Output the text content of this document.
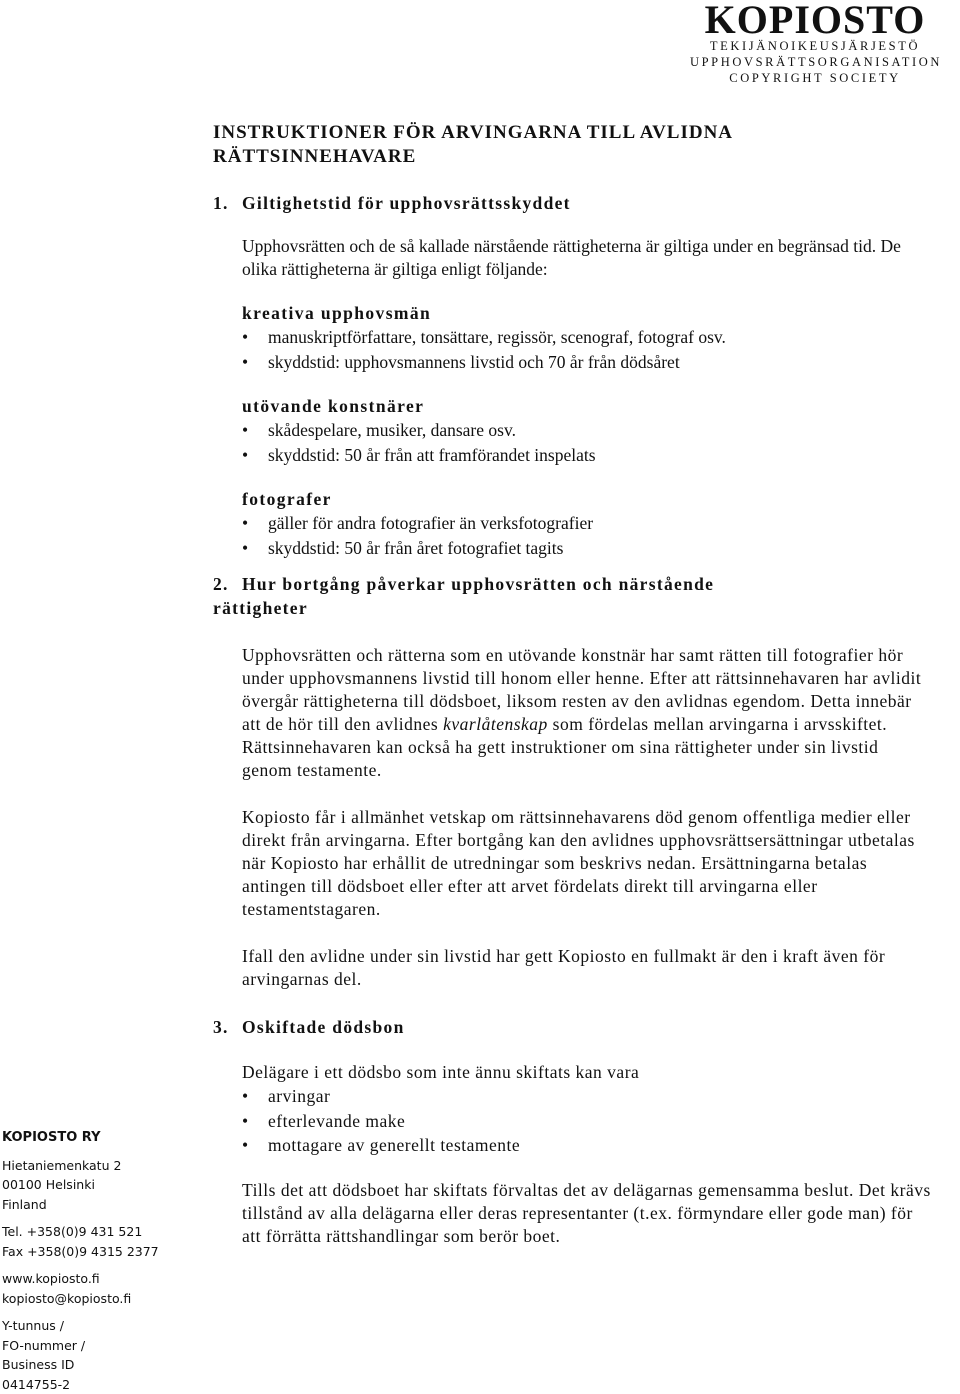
KOPIOSTO
TEKIJÄNOIKEUSJÄRJESTÖ
UPPHOVSRÄTTSORGANISATION
COPYRIGHT SOCIETY
INSTRUKTIONER FÖR ARVINGARNA TILL AVLIDNA
RÄTTSINNEHAVARE
1. Giltighetstid för upphovsrättsskyddet

Upphovsrätten och de så kallade närstående rättigheterna är giltiga under en begränsad tid. De olika rättigheterna är giltiga enligt följande:

kreativa upphovsmän
• manuskriptförfattare, tonsättare, regissör, scenograf, fotograf osv.
• skyddstid: upphovsmannens livstid och 70 år från dödsåret
utövande konstnärer
• skådespelare, musiker, dansare osv.
• skyddstid: 50 år från att framförandet inspelats
fotografer
• gäller för andra fotografier än verksfotografier
• skyddstid: 50 år från året fotografiet tagits
2. Hur bortgång påverkar upphovsrätten och närstående
rättigheter

Upphovsrätten och rätterna som en utövande konstnär har samt rätten till fotografier hör under upphovsmannens livstid till honom eller henne. Efter att rättsinnehavaren har avlidit övergår rättigheterna till dödsboet, liksom resten av den avlidnas egendom. Detta innebär att de hör till den avlidnes kvarlåtenskap som fördelas mellan arvingarna i arvsskiftet. Rättsinnehavaren kan också ha gett instruktioner om sina rättigheter under sin livstid genom testamente.

Kopiosto får i allmänhet vetskap om rättsinnehavarens död genom offentliga medier eller direkt från arvingarna. Efter bortgång kan den avlidnes upphovsrättsersättningar utbetalas när Kopiosto har erhållit de utredningar som beskrivs nedan. Ersättningarna betalas antingen till dödsboet eller efter att arvet fördelats direkt till arvingarna eller testamentstagaren.

Ifall den avlidne under sin livstid har gett Kopiosto en fullmakt är den i kraft även för arvingarnas del.

3. Oskiftade dödsbon

Delägare i ett dödsbo som inte ännu skiftats kan vara

• arvingar
• efterlevande make
• mottagare av generellt testamente

Tills det att dödsboet har skiftats förvaltas det av delägarnas gemensamma beslut. Det krävs tillstånd av alla delägarna eller deras representanter (t.ex. förmyndare eller gode man) för att förrätta rättshandlingar som berör boet.

KOPIOSTO RY
Hietaniemenkatu 2
00100 Helsinki
Finland
Tel. +358(0)9 431 521
Fax +358(0)9 4315 2377
www.kopiosto.fi
kopiosto@kopiosto.fi
Y-tunnus /
FO-nummer /
Business ID
0414755-2
